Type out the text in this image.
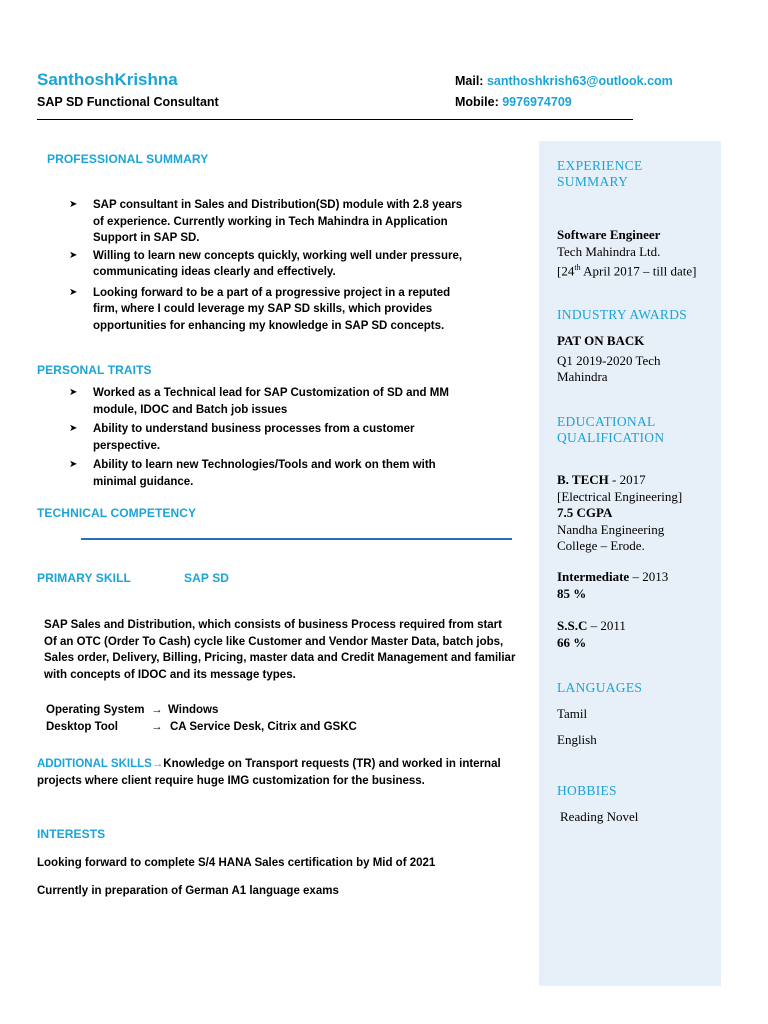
SanthoshKrishna
SAP SD Functional Consultant
Mail: santhoshkrish63@outlook.com
Mobile: 9976974709
PROFESSIONAL SUMMARY
➤ SAP consultant in Sales and Distribution(SD) module with 2.8 years of experience. Currently working in Tech Mahindra in Application Support in SAP SD.
➤ Willing to learn new concepts quickly, working well under pressure, communicating ideas clearly and effectively.
➤ Looking forward to be a part of a progressive project in a reputed firm, where I could leverage my SAP SD skills, which provides opportunities for enhancing my knowledge in SAP SD concepts.
PERSONAL TRAITS
➤ Worked as a Technical lead for SAP Customization of SD and MM module, IDOC and Batch job issues
➤ Ability to understand business processes from a customer perspective.
➤ Ability to learn new Technologies/Tools and work on them with minimal guidance.
TECHNICAL COMPETENCY
PRIMARY SKILL	SAP SD
SAP Sales and Distribution, which consists of business Process required from start
Of an OTC (Order To Cash) cycle like Customer and Vendor Master Data, batch jobs,
Sales order, Delivery, Billing, Pricing, master data and Credit Management and familiar
with concepts of IDOC and its message types.
Operating System → Windows
Desktop Tool	→ CA Service Desk, Citrix and GSKC
ADDITIONAL SKILLS→Knowledge on Transport requests (TR) and worked in internal
projects where client require huge IMG customization for the business.
INTERESTS
Looking forward to complete S/4 HANA Sales certification by Mid of 2021
Currently in preparation of German A1 language exams
EXPERIENCE
SUMMARY
Software Engineer
Tech Mahindra Ltd.
[24th April 2017 – till date]
INDUSTRY AWARDS
PAT ON BACK
Q1 2019-2020 Tech
Mahindra
EDUCATIONAL
QUALIFICATION
B. TECH - 2017
[Electrical Engineering]
7.5 CGPA
Nandha Engineering
College – Erode.
Intermediate – 2013
85 %
S.S.C – 2011
66 %
LANGUAGES
Tamil
English
HOBBIES
Reading Novel
